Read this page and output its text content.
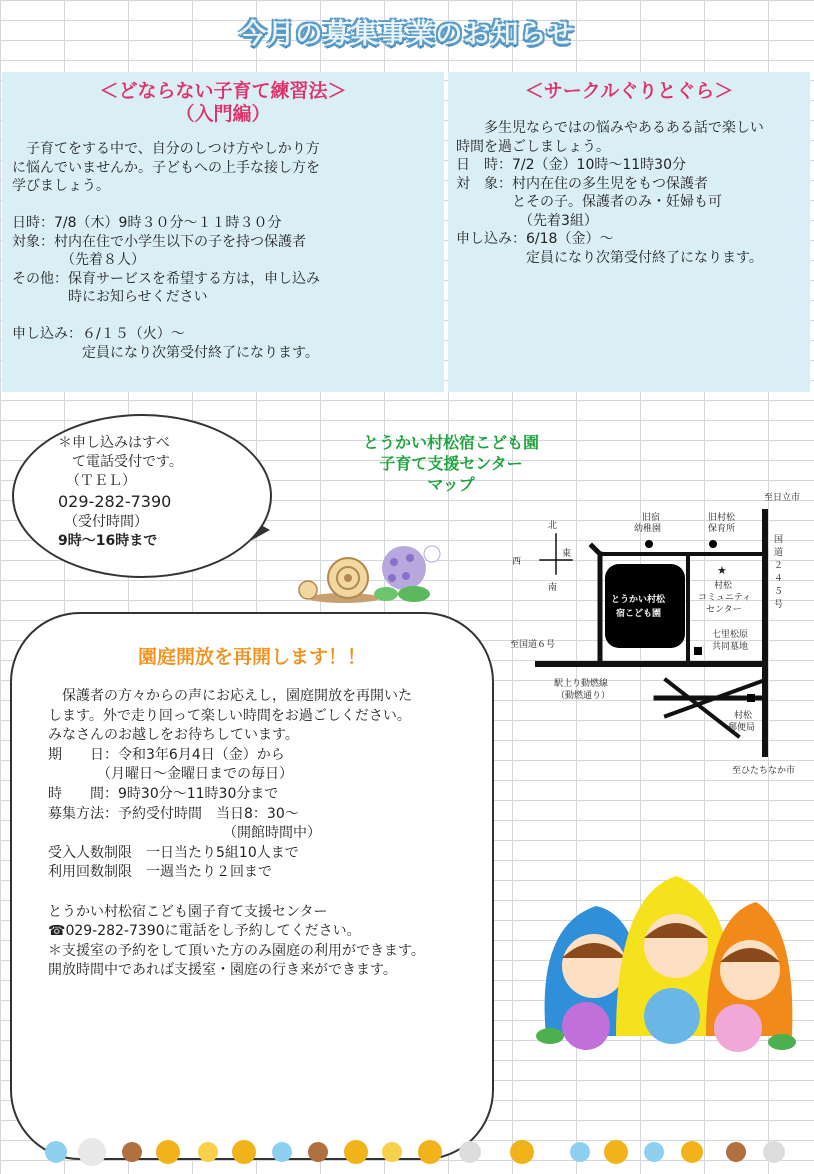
今月の募集事業のお知らせ
＜どならない子育て練習法＞
（入門編）
　子育てをする中で、自分のしつけ方やしかり方
に悩んでいませんか。子どもへの上手な接し方を
学びましょう。

日時：7/8（木）9時３０分～１１時３０分
対象：村内在住で小学生以下の子を持つ保護者
　　　　（先着８人）
その他：保育サービスを希望する方は，申し込み
　　　　時にお知らせください

申し込み：６/１５（火）～
　　　　　定員になり次第受付終了になります。
＜サークルぐりとぐら＞
　　多生児ならではの悩みやあるある話で楽しい
時間を過ごしましょう。
日　時：7/2（金）10時～11時30分
対　象：村内在住の多生児をもつ保護者
　　　　とその子。保護者のみ・妊婦も可
　　　　　（先着3組）
申し込み：6/18（金）～
　　　　　定員になり次第受付終了になります。
＊申し込みはすべ
　て電話受付です。
（ＴＥＬ）
029-282-7390
（受付時間）
9時～16時まで
とうかい村松宿こども園
子育て支援センター
マップ
至日立市
旧宿
幼稚園
旧村松
保育所
北
南
西
東
とうかい村松
宿こども園
★
村松
コミュニティ
センター
至国道６号
七里松原
共同墓地
駅上り動燃線
（動燃通り）
村松
郵便局
至ひたちなか市
国
道
２
４
５
号
園庭開放を再開します！！
　保護者の方々からの声にお応えし，園庭開放を再開いた
します。外で走り回って楽しい時間をお過ごしください。
みなさんのお越しをお待ちしています。
期　　日：令和3年6月4日（金）から
　　　　（月曜日～金曜日までの毎日）
時　　間：9時30分～11時30分まで
募集方法：予約受付時間　当日8：30～
　　　　　　　　　　　　　（開館時間中）
受入人数制限　一日当たり5組10人まで
利用回数制限　一週当たり２回まで

とうかい村松宿こども園子育て支援センター
☎029-282-7390に電話をし予約してください。
＊支援室の予約をして頂いた方のみ園庭の利用ができます。
開放時間中であれば支援室・園庭の行き来ができます。
